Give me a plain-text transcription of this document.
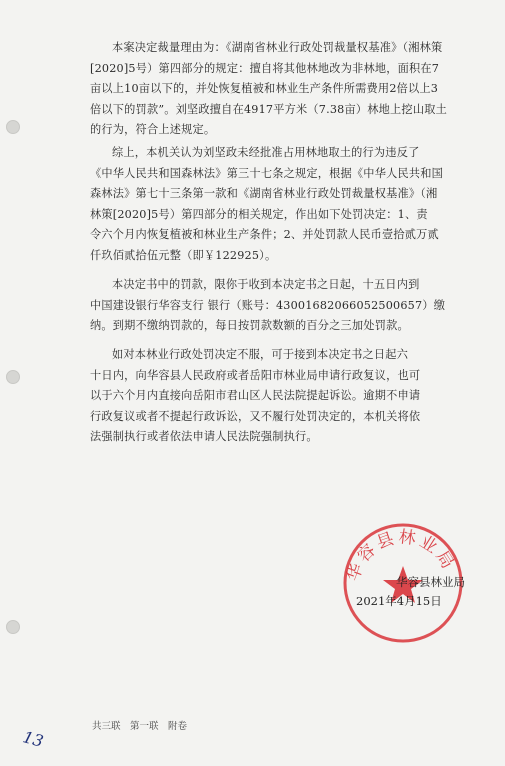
本案决定裁量理由为：《湖南省林业行政处罚裁量权基准》（湘林策
[2020]5号）第四部分的规定：擅自将其他林地改为非林地，面积在7
亩以上10亩以下的，并处恢复植被和林业生产条件所需费用2倍以上3
倍以下的罚款”。刘坚政擅自在4917平方米（7.38亩）林地上挖山取土
的行为，符合上述规定。
综上，本机关认为刘坚政未经批准占用林地取土的行为违反了
《中华人民共和国森林法》第三十七条之规定，根据《中华人民共和国
森林法》第七十三条第一款和《湖南省林业行政处罚裁量权基准》（湘
林策[2020]5号）第四部分的相关规定，作出如下处罚决定：1、责
令六个月内恢复植被和林业生产条件；2、并处罚款人民币壹拾贰万贰
仟玖佰贰拾伍元整（即￥122925）。
本决定书中的罚款，限你于收到本决定书之日起，十五日内到
中国建设银行华容支行 银行（账号：43001682066052500657）缴
纳。到期不缴纳罚款的，每日按罚款数额的百分之三加处罚款。
如对本林业行政处罚决定不服，可于接到本决定书之日起六
十日内，向华容县人民政府或者岳阳市林业局申请行政复议，也可
以于六个月内直接向岳阳市君山区人民法院提起诉讼。逾期不申请
行政复议或者不提起行政诉讼，又不履行处罚决定的，本机关将依
法强制执行或者依法申请人民法院强制执行。
华容县林业局
华容县林业局
2021年4月15日
共三联　第一联　附卷
13
